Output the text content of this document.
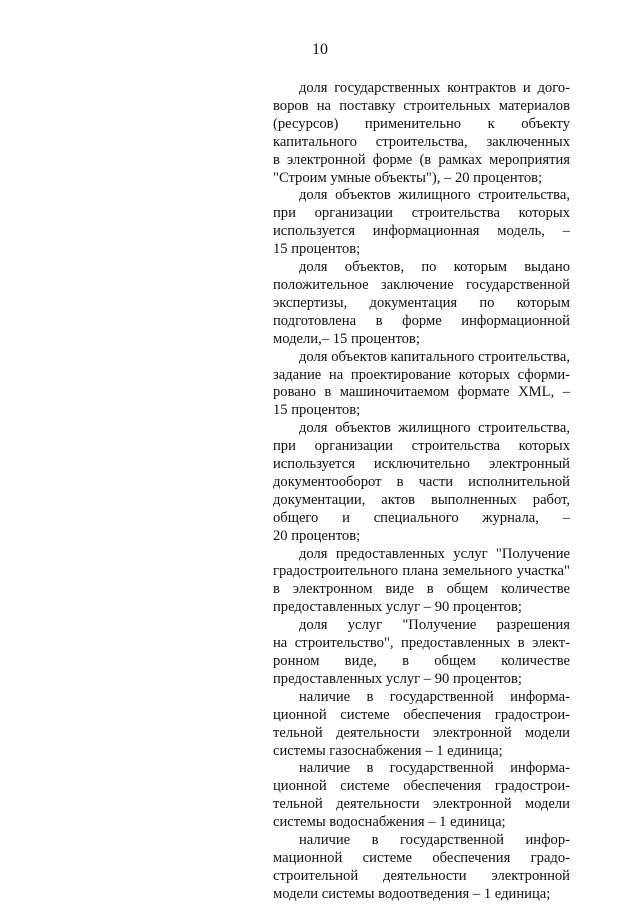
10
доля государственных контрактов и дого-
воров на поставку строительных материалов
(ресурсов) применительно к объекту
капитального строительства, заключенных
в электронной форме (в рамках мероприятия
"Строим умные объекты"), – 20 процентов;
доля объектов жилищного строительства,
при организации строительства которых
используется информационная модель, –
15 процентов;
доля объектов, по которым выдано
положительное заключение государственной
экспертизы, документация по которым
подготовлена в форме информационной
модели,– 15 процентов;
доля объектов капитального строительства,
задание на проектирование которых сформи-
ровано в машиночитаемом формате XML, –
15 процентов;
доля объектов жилищного строительства,
при организации строительства которых
используется исключительно электронный
документооборот в части исполнительной
документации, актов выполненных работ,
общего и специального журнала, –
20 процентов;
доля предоставленных услуг "Получение
градостроительного плана земельного участка"
в электронном виде в общем количестве
предоставленных услуг – 90 процентов;
доля услуг "Получение разрешения
на строительство", предоставленных в элект-
ронном виде, в общем количестве
предоставленных услуг – 90 процентов;
наличие в государственной информа-
ционной системе обеспечения градострои-
тельной деятельности электронной модели
системы газоснабжения – 1 единица;
наличие в государственной информа-
ционной системе обеспечения градострои-
тельной деятельности электронной модели
системы водоснабжения – 1 единица;
наличие в государственной инфор-
мационной системе обеспечения градо-
строительной деятельности электронной
модели системы водоотведения – 1 единица;
